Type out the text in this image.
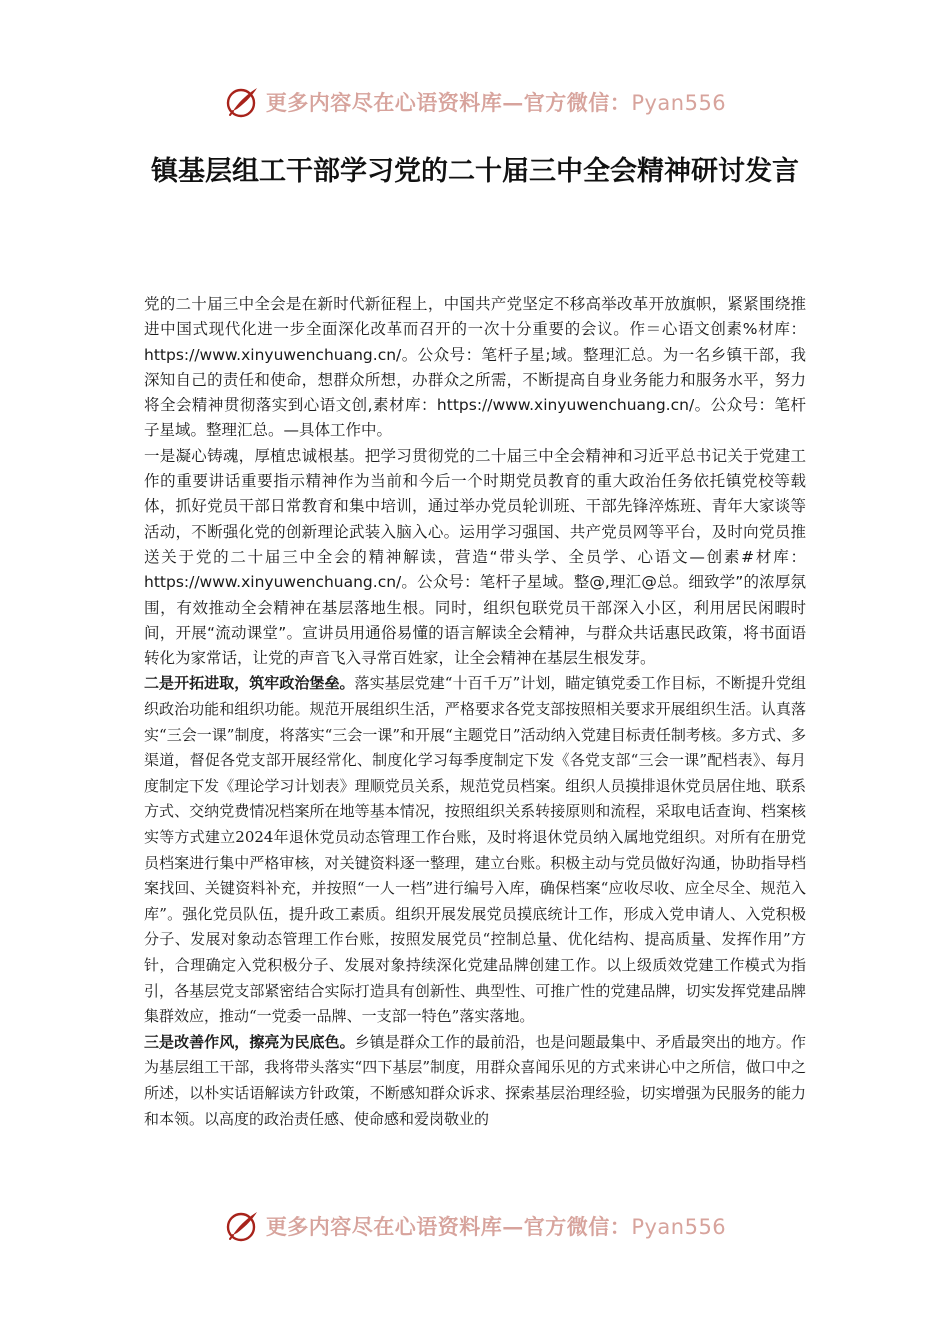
更多内容尽在心语资料库—官方微信：Pyan556
镇基层组工干部学习党的二十届三中全会精神研讨发言

党的二十届三中全会是在新时代新征程上，中国共产党坚定不移高举改革开放旗帜，紧紧围绕推进中国式现代化进一步全面深化改革而召开的一次十分重要的会议。作＝心语文创素%材库：https://www.xinyuwenchuang.cn/。公众号：笔杆子星;域。整理汇总。为一名乡镇干部，我深知自己的责任和使命，想群众所想，办群众之所需，不断提高自身业务能力和服务水平，努力将全会精神贯彻落实到心语文创,素材库：https://www.xinyuwenchuang.cn/。公众号：笔杆子星域。整理汇总。—具体工作中。

一是凝心铸魂，厚植忠诚根基。把学习贯彻党的二十届三中全会精神和习近平总书记关于党建工作的重要讲话重要指示精神作为当前和今后一个时期党员教育的重大政治任务依托镇党校等载体，抓好党员干部日常教育和集中培训，通过举办党员轮训班、干部先锋淬炼班、青年大家谈等活动，不断强化党的创新理论武装入脑入心。运用学习强国、共产党员网等平台，及时向党员推送关于党的二十届三中全会的精神解读，营造“带头学、全员学、心语文—创素#材库：https://www.xinyuwenchuang.cn/。公众号：笔杆子星域。整@,理汇@总。细致学”的浓厚氛围，有效推动全会精神在基层落地生根。同时，组织包联党员干部深入小区，利用居民闲暇时间，开展“流动课堂”。宣讲员用通俗易懂的语言解读全会精神，与群众共话惠民政策，将书面语转化为家常话，让党的声音飞入寻常百姓家，让全会精神在基层生根发芽。

二是开拓进取，筑牢政治堡垒。落实基层党建“十百千万”计划，瞄定镇党委工作目标，不断提升党组织政治功能和组织功能。规范开展组织生活，严格要求各党支部按照相关要求开展组织生活。认真落实“三会一课”制度，将落实“三会一课”和开展“主题党日”活动纳入党建目标责任制考核。多方式、多渠道，督促各党支部开展经常化、制度化学习每季度制定下发《各党支部“三会一课”配档表》、每月度制定下发《理论学习计划表》理顺党员关系，规范党员档案。组织人员摸排退休党员居住地、联系方式、交纳党费情况档案所在地等基本情况，按照组织关系转接原则和流程，采取电话查询、档案核实等方式建立2024年退休党员动态管理工作台账，及时将退休党员纳入属地党组织。对所有在册党员档案进行集中严格审核，对关键资料逐一整理，建立台账。积极主动与党员做好沟通，协助指导档案找回、关键资料补充，并按照“一人一档”进行编号入库，确保档案“应收尽收、应全尽全、规范入库”。强化党员队伍，提升政工素质。组织开展发展党员摸底统计工作，形成入党申请人、入党积极分子、发展对象动态管理工作台账，按照发展党员“控制总量、优化结构、提高质量、发挥作用”方针，合理确定入党积极分子、发展对象持续深化党建品牌创建工作。以上级质效党建工作模式为指引，各基层党支部紧密结合实际打造具有创新性、典型性、可推广性的党建品牌，切实发挥党建品牌集群效应，推动“一党委一品牌、一支部一特色”落实落地。

三是改善作风，擦亮为民底色。乡镇是群众工作的最前沿，也是问题最集中、矛盾最突出的地方。作为基层组工干部，我将带头落实“四下基层”制度，用群众喜闻乐见的方式来讲心中之所信，做口中之所述，以朴实话语解读方针政策，不断感知群众诉求、探索基层治理经验，切实增强为民服务的能力和本领。以高度的政治责任感、使命感和爱岗敬业的

更多内容尽在心语资料库—官方微信：Pyan556
